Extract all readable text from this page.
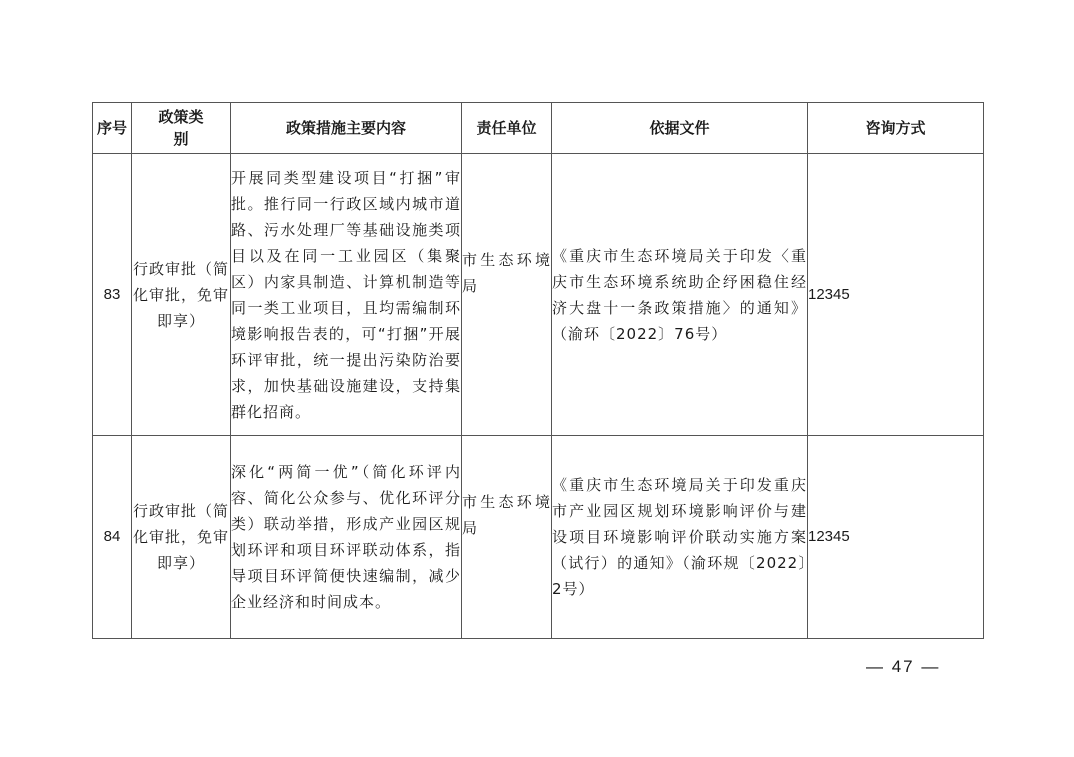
序号	政策类别	政策措施主要内容	责任单位	依据文件	咨询方式
83	行政审批（简化审批，免审即享）	开展同类型建设项目“打捆”审批。推行同一行政区域内城市道路、污水处理厂等基础设施类项目以及在同一工业园区（集聚区）内家具制造、计算机制造等同一类工业项目，且均需编制环境影响报告表的，可“打捆”开展环评审批，统一提出污染防治要求，加快基础设施建设，支持集群化招商。	市生态环境局	《重庆市生态环境局关于印发〈重庆市生态环境系统助企纾困稳住经济大盘十一条政策措施〉的通知》（渝环〔2022〕76号）	12345
84	行政审批（简化审批，免审即享）	深化“两简一优”（简化环评内容、简化公众参与、优化环评分类）联动举措，形成产业园区规划环评和项目环评联动体系，指导项目环评简便快速编制，减少企业经济和时间成本。	市生态环境局	《重庆市生态环境局关于印发重庆市产业园区规划环境影响评价与建设项目环境影响评价联动实施方案（试行）的通知》（渝环规〔2022〕2号）	12345
— 47 —
